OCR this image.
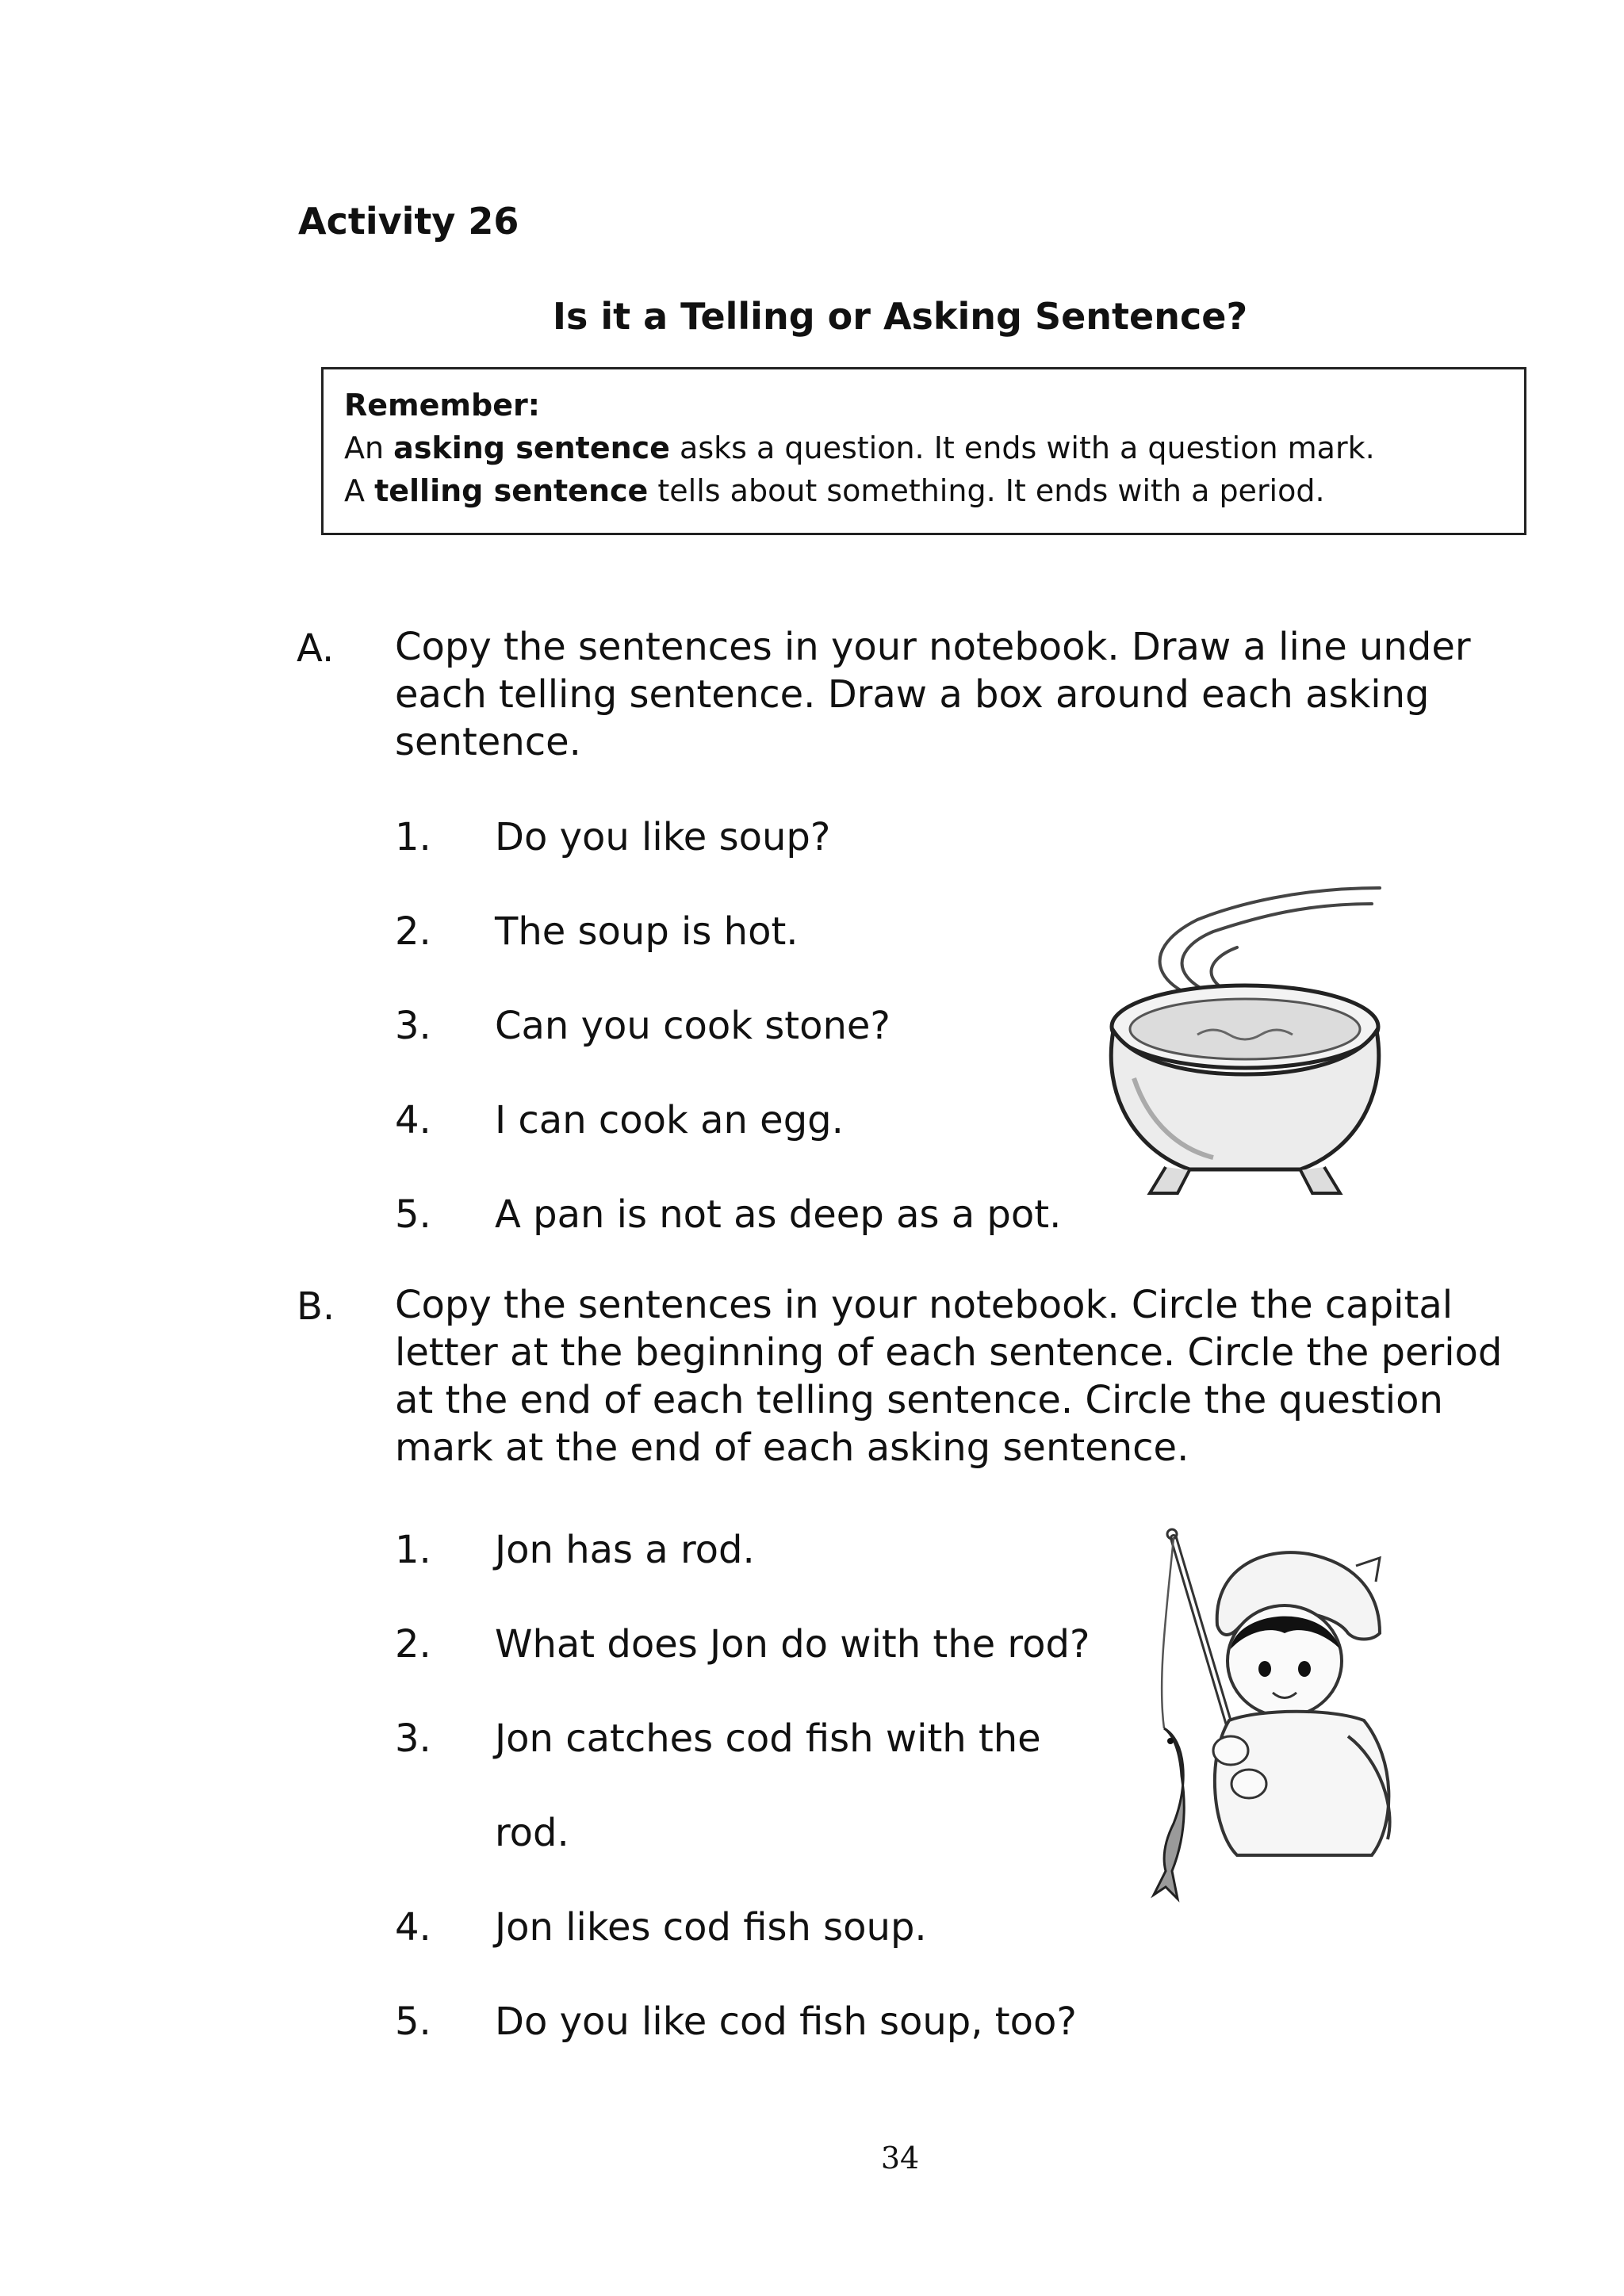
Activity 26
Is it a Telling or Asking Sentence?
Remember:
An asking sentence asks a question. It ends with a question mark.
A telling sentence tells about something. It ends with a period.
A. Copy the sentences in your notebook. Draw a line under each telling sentence. Draw a box around each asking sentence.
1. Do you like soup?
2. The soup is hot.
3. Can you cook stone?
4. I can cook an egg.
5. A pan is not as deep as a pot.
B. Copy the sentences in your notebook. Circle the capital letter at the beginning of each sentence. Circle the period at the end of each telling sentence. Circle the question mark at the end of each asking sentence.
1. Jon has a rod.
2. What does Jon do with the rod?
3. Jon catches cod fish with the
rod.
4. Jon likes cod fish soup.
5. Do you like cod fish soup, too?
34
